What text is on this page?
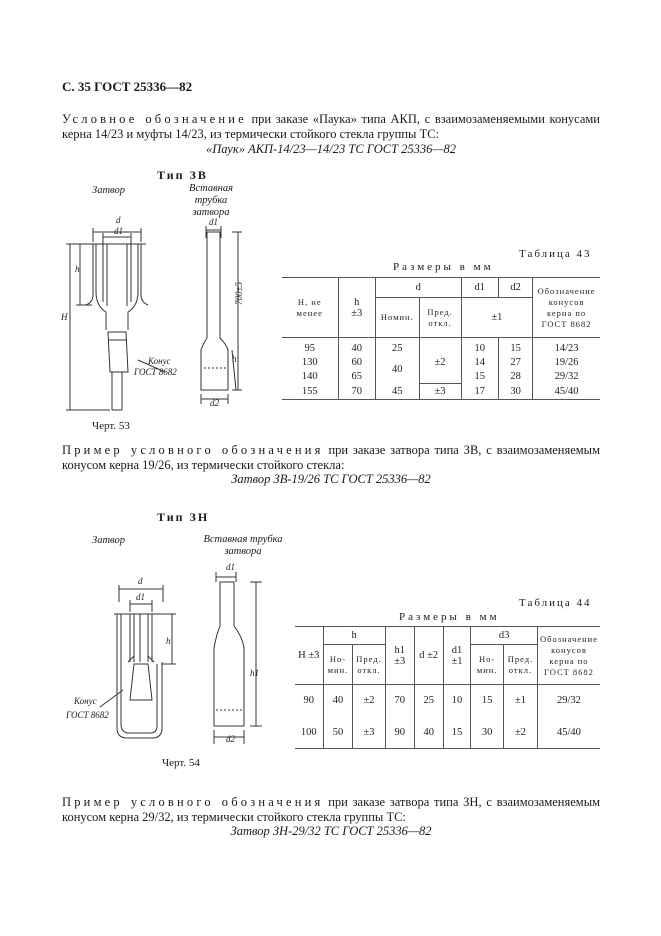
С. 35 ГОСТ 25336—82
Условное обозначение при заказе «Паука» типа АКП, с взаимозаменяемыми конусами керна 14/23 и муфты 14/23, из термически стойкого стекла группы ТС:
«Паук» АКП-14/23—14/23 ТС ГОСТ 25336—82
Тип ЗВ
Затвор	Вставная трубка затвора
d
d1
h
H
Конус
ГОСТ 8682
d1
700±5
h
d2
Черт. 53
Таблица 43
Размеры в мм
H, не менее	h
±3	d		d1	d2	Обозначение конусов керна по ГОСТ 8682
		Номин.	Пред. откл.	±1		

95	40	25	±2	10	15	14/23
130	60	40		14	27	19/26
140	65			15	28	29/32
155	70	45	±3	17	30	45/40
Пример условного обозначения при заказе затвора типа ЗВ, с взаимозаменяемым конусом керна 19/26, из термически стойкого стекла:
Затвор ЗВ-19/26 ТС ГОСТ 25336—82
Тип ЗН
Затвор	Вставная трубка затвора
d
d1
h
Конус
ГОСТ 8682
d1
h1
d2
Черт. 54
Таблица 44
Размеры в мм
H ±3	h		h1 ±3	d ±2	d1 ±1	d3		Обозначение конусов керна по ГОСТ 8682
	Но- мин.	Пред. откл.				Но- мин.	Пред. откл.	
90	40	±2	70	25	10	15	±1	29/32
100	50	±3	90	40	15	30	±2	45/40
Пример условного обозначения при заказе затвора типа ЗН, с взаимозаменяемым конусом керна 29/32, из термически стойкого стекла группы ТС:
Затвор ЗН-29/32 ТС ГОСТ 25336—82
